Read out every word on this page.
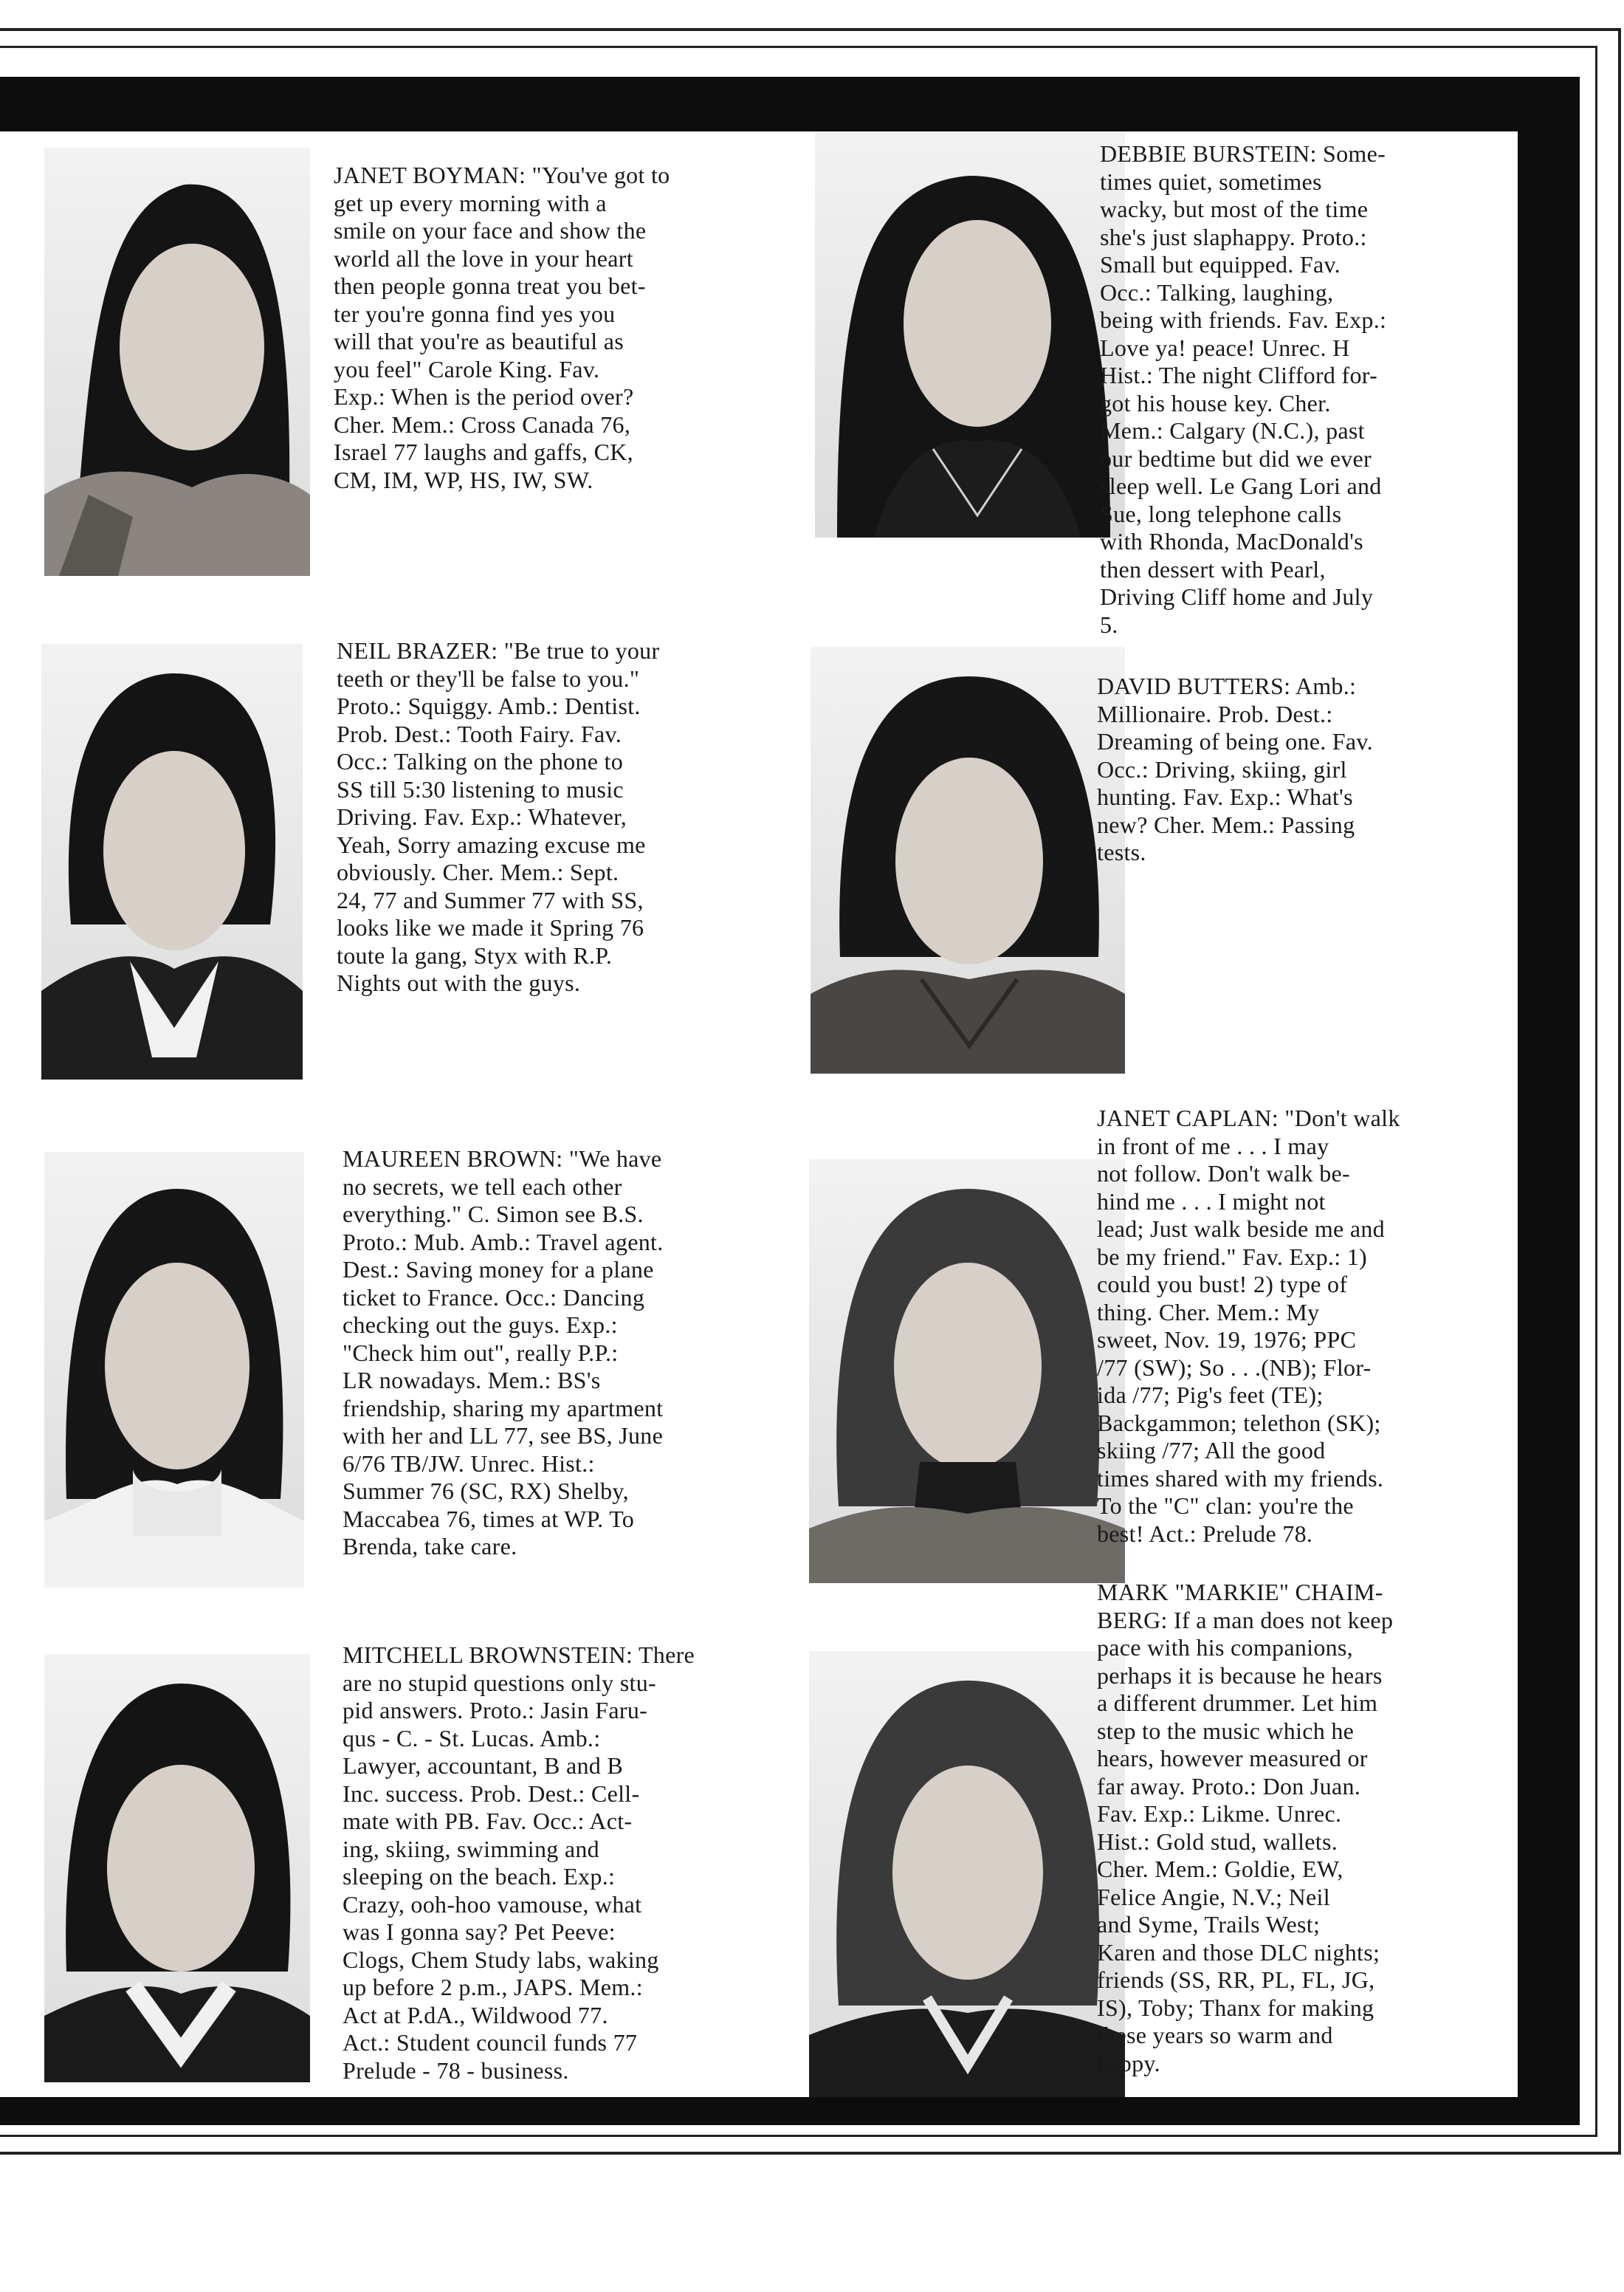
JANET BOYMAN: "You've got to
get up every morning with a
smile on your face and show the
world all the love in your heart
then people gonna treat you bet-
ter you're gonna find yes you
will that you're as beautiful as
you feel" Carole King. Fav.
Exp.: When is the period over?
Cher. Mem.: Cross Canada 76,
Israel 77 laughs and gaffs, CK,
CM, IM, WP, HS, IW, SW.

DEBBIE BURSTEIN: Some-
times quiet, sometimes
wacky, but most of the time
she's just slaphappy. Proto.:
Small but equipped. Fav.
Occ.: Talking, laughing,
being with friends. Fav. Exp.:
Love ya! peace! Unrec. H
Hist.: The night Clifford for-
got his house key. Cher.
Mem.: Calgary (N.C.), past
our bedtime but did we ever
sleep well. Le Gang Lori and
Sue, long telephone calls
with Rhonda, MacDonald's
then dessert with Pearl,
Driving Cliff home and July
5.

NEIL BRAZER: "Be true to your
teeth or they'll be false to you."
Proto.: Squiggy. Amb.: Dentist.
Prob. Dest.: Tooth Fairy. Fav.
Occ.: Talking on the phone to
SS till 5:30 listening to music
Driving. Fav. Exp.: Whatever,
Yeah, Sorry amazing excuse me
obviously. Cher. Mem.: Sept.
24, 77 and Summer 77 with SS,
looks like we made it Spring 76
toute la gang, Styx with R.P.
Nights out with the guys.

DAVID BUTTERS: Amb.:
Millionaire. Prob. Dest.:
Dreaming of being one. Fav.
Occ.: Driving, skiing, girl
hunting. Fav. Exp.: What's
new? Cher. Mem.: Passing
tests.

MAUREEN BROWN: "We have
no secrets, we tell each other
everything." C. Simon see B.S.
Proto.: Mub. Amb.: Travel agent.
Dest.: Saving money for a plane
ticket to France. Occ.: Dancing
checking out the guys. Exp.:
"Check him out", really P.P.:
LR nowadays. Mem.: BS's
friendship, sharing my apartment
with her and LL 77, see BS, June
6/76 TB/JW. Unrec. Hist.:
Summer 76 (SC, RX) Shelby,
Maccabea 76, times at WP. To
Brenda, take care.

JANET CAPLAN: "Don't walk
in front of me . . . I may
not follow. Don't walk be-
hind me . . . I might not
lead; Just walk beside me and
be my friend." Fav. Exp.: 1)
could you bust! 2) type of
thing. Cher. Mem.: My
sweet, Nov. 19, 1976; PPC
/77 (SW); So . . .(NB); Flor-
ida /77; Pig's feet (TE);
Backgammon; telethon (SK);
skiing /77; All the good
times shared with my friends.
To the "C" clan: you're the
best! Act.: Prelude 78.

MITCHELL BROWNSTEIN: There
are no stupid questions only stu-
pid answers. Proto.: Jasin Faru-
qus - C. - St. Lucas. Amb.:
Lawyer, accountant, B and B
Inc. success. Prob. Dest.: Cell-
mate with PB. Fav. Occ.: Act-
ing, skiing, swimming and
sleeping on the beach. Exp.:
Crazy, ooh-hoo vamouse, what
was I gonna say? Pet Peeve:
Clogs, Chem Study labs, waking
up before 2 p.m., JAPS. Mem.:
Act at P.dA., Wildwood 77.
Act.: Student council funds 77
Prelude - 78 - business.

MARK "MARKIE" CHAIM-
BERG: If a man does not keep
pace with his companions,
perhaps it is because he hears
a different drummer. Let him
step to the music which he
hears, however measured or
far away. Proto.: Don Juan.
Fav. Exp.: Likme. Unrec.
Hist.: Gold stud, wallets.
Cher. Mem.: Goldie, EW,
Felice Angie, N.V.; Neil
and Syme, Trails West;
Karen and those DLC nights;
friends (SS, RR, PL, FL, JG,
IS), Toby; Thanx for making
these years so warm and
happy.
